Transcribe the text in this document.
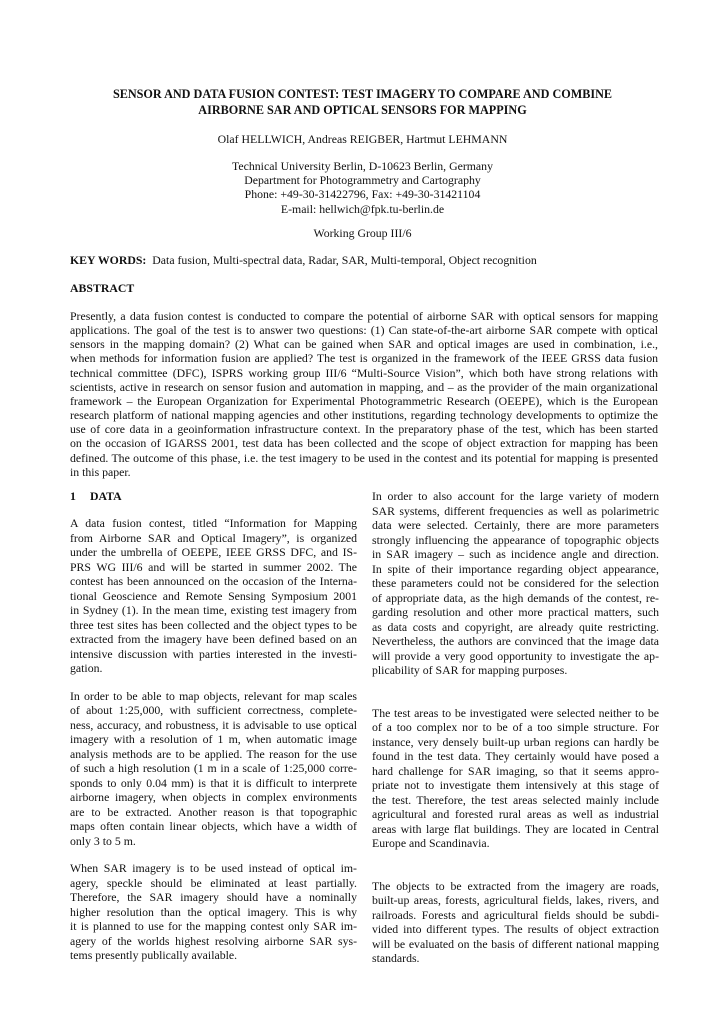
SENSOR AND DATA FUSION CONTEST: TEST IMAGERY TO COMPARE AND COMBINE
AIRBORNE SAR AND OPTICAL SENSORS FOR MAPPING

Olaf HELLWICH, Andreas REIGBER, Hartmut LEHMANN

Technical University Berlin, D-10623 Berlin, Germany
Department for Photogrammetry and Cartography
Phone: +49-30-31422796, Fax: +49-30-31421104
E-mail: hellwich@fpk.tu-berlin.de

Working Group III/6

KEY WORDS: Data fusion, Multi-spectral data, Radar, SAR, Multi-temporal, Object recognition

ABSTRACT

Presently, a data fusion contest is conducted to compare the potential of airborne SAR with optical sensors for mapping
applications. The goal of the test is to answer two questions: (1) Can state-of-the-art airborne SAR compete with optical
sensors in the mapping domain? (2) What can be gained when SAR and optical images are used in combination, i.e.,
when methods for information fusion are applied? The test is organized in the framework of the IEEE GRSS data fusion
technical committee (DFC), ISPRS working group III/6 “Multi-Source Vision”, which both have strong relations with
scientists, active in research on sensor fusion and automation in mapping, and – as the provider of the main organizational
framework – the European Organization for Experimental Photogrammetric Research (OEEPE), which is the European
research platform of national mapping agencies and other institutions, regarding technology developments to optimize the
use of core data in a geoinformation infrastructure context. In the preparatory phase of the test, which has been started
on the occasion of IGARSS 2001, test data has been collected and the scope of object extraction for mapping has been
defined. The outcome of this phase, i.e. the test imagery to be used in the contest and its potential for mapping is presented
in this paper.

1 DATA

A data fusion contest, titled “Information for Mapping
from Airborne SAR and Optical Imagery”, is organized
under the umbrella of OEEPE, IEEE GRSS DFC, and IS-
PRS WG III/6 and will be started in summer 2002. The
contest has been announced on the occasion of the Interna-
tional Geoscience and Remote Sensing Symposium 2001
in Sydney (1). In the mean time, existing test imagery from
three test sites has been collected and the object types to be
extracted from the imagery have been defined based on an
intensive discussion with parties interested in the investi-
gation.

In order to be able to map objects, relevant for map scales
of about 1:25,000, with sufficient correctness, complete-
ness, accuracy, and robustness, it is advisable to use optical
imagery with a resolution of 1 m, when automatic image
analysis methods are to be applied. The reason for the use
of such a high resolution (1 m in a scale of 1:25,000 corre-
sponds to only 0.04 mm) is that it is difficult to interprete
airborne imagery, when objects in complex environments
are to be extracted. Another reason is that topographic
maps often contain linear objects, which have a width of
only 3 to 5 m.

When SAR imagery is to be used instead of optical im-
agery, speckle should be eliminated at least partially.
Therefore, the SAR imagery should have a nominally
higher resolution than the optical imagery. This is why
it is planned to use for the mapping contest only SAR im-
agery of the worlds highest resolving airborne SAR sys-
tems presently publically available.

In order to also account for the large variety of modern
SAR systems, different frequencies as well as polarimetric
data were selected. Certainly, there are more parameters
strongly influencing the appearance of topographic objects
in SAR imagery – such as incidence angle and direction.
In spite of their importance regarding object appearance,
these parameters could not be considered for the selection
of appropriate data, as the high demands of the contest, re-
garding resolution and other more practical matters, such
as data costs and copyright, are already quite restricting.
Nevertheless, the authors are convinced that the image data
will provide a very good opportunity to investigate the ap-
plicability of SAR for mapping purposes.

The test areas to be investigated were selected neither to be
of a too complex nor to be of a too simple structure. For
instance, very densely built-up urban regions can hardly be
found in the test data. They certainly would have posed a
hard challenge for SAR imaging, so that it seems appro-
priate not to investigate them intensively at this stage of
the test. Therefore, the test areas selected mainly include
agricultural and forested rural areas as well as industrial
areas with large flat buildings. They are located in Central
Europe and Scandinavia.

The objects to be extracted from the imagery are roads,
built-up areas, forests, agricultural fields, lakes, rivers, and
railroads. Forests and agricultural fields should be subdi-
vided into different types. The results of object extraction
will be evaluated on the basis of different national mapping
standards.
